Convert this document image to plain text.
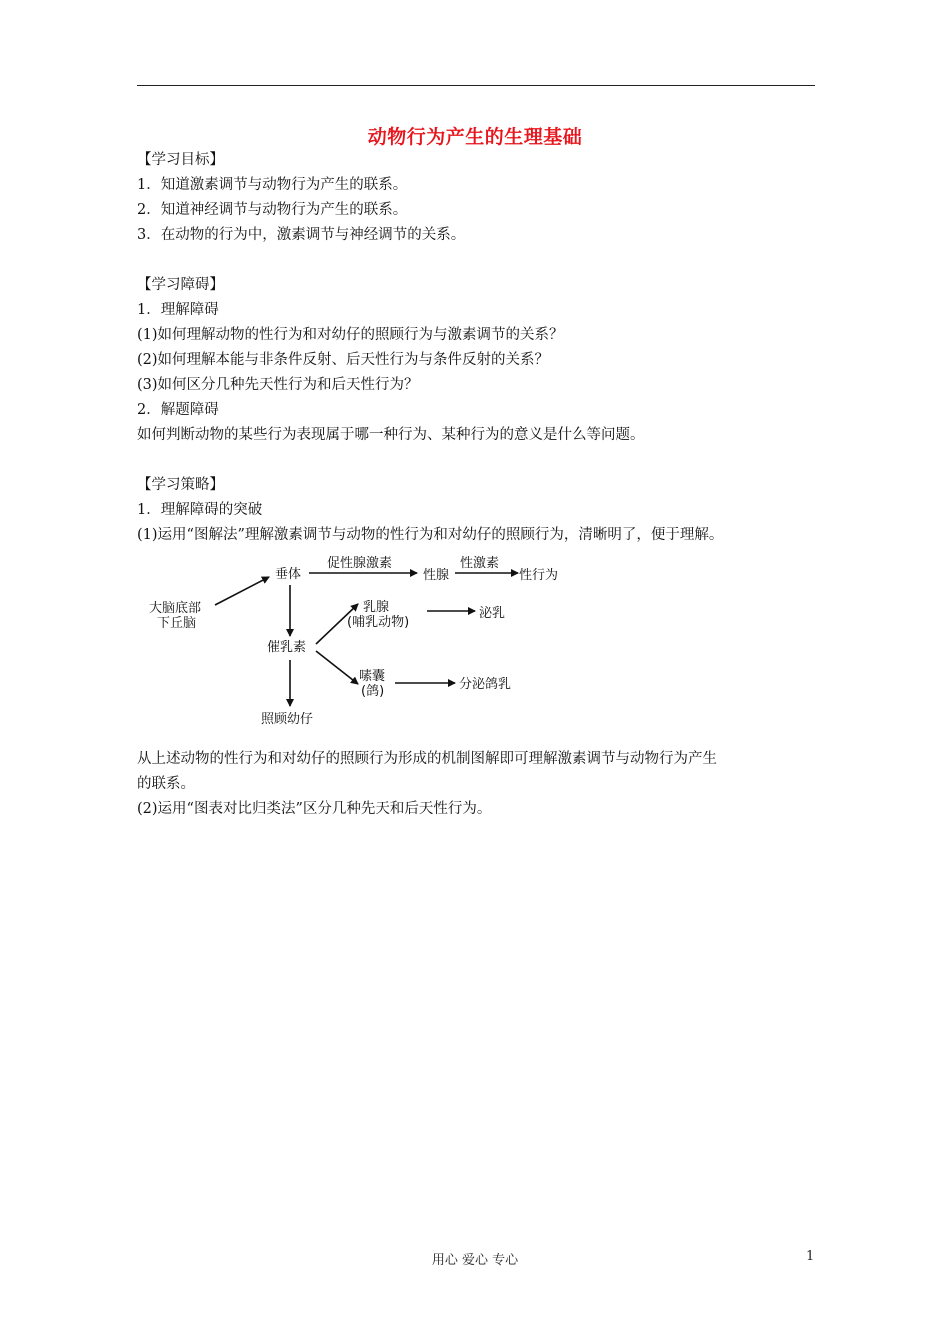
动物行为产生的生理基础
【学习目标】
1．知道激素调节与动物行为产生的联系。
2．知道神经调节与动物行为产生的联系。
3．在动物的行为中，激素调节与神经调节的关系。
【学习障碍】
1．理解障碍
(1)如何理解动物的性行为和对幼仔的照顾行为与激素调节的关系？
(2)如何理解本能与非条件反射、后天性行为与条件反射的关系？
(3)如何区分几种先天性行为和后天性行为？
2．解题障碍
如何判断动物的某些行为表现属于哪一种行为、某种行为的意义是什么等问题。
【学习策略】
1．理解障碍的突破
(1)运用“图解法”理解激素调节与动物的性行为和对幼仔的照顾行为，清晰明了，便于理解。
大脑底部
下丘脑
垂体
促性腺激素
性腺
性激素
性行为
催乳素
乳腺
(哺乳动物)
泌乳
嗉囊
(鸽)	分泌鸽乳
照顾幼仔
从上述动物的性行为和对幼仔的照顾行为形成的机制图解即可理解激素调节与动物行为产生
的联系。
(2)运用“图表对比归类法”区分几种先天和后天性行为。
用心 爱心 专心	1
